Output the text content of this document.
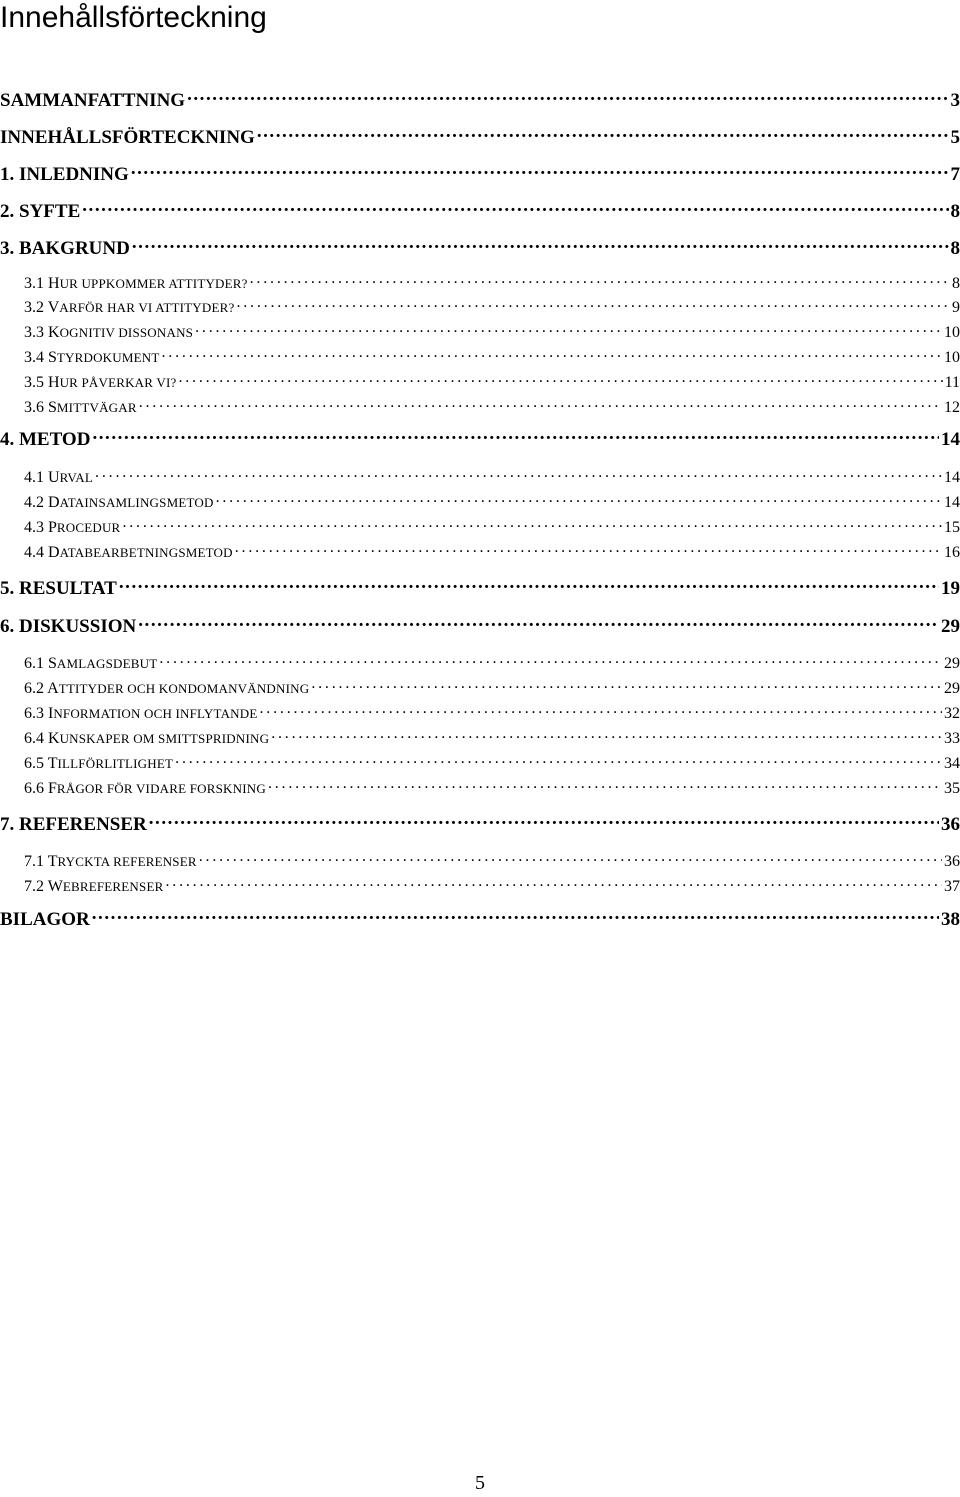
Innehållsförteckning
SAMMANFATTNING . . .	3
INNEHÅLLSFÖRTECKNING . . .	5
1. INLEDNING . . .	7
2. SYFTE . . .	8
3. BAKGRUND . . .	8
3.1 HUR UPPKOMMER ATTITYDER? . . .	8
3.2 VARFÖR HAR VI ATTITYDER? . . .	9
3.3 KOGNITIV DISSONANS . . .	10
3.4 STYRDOKUMENT . . .	10
3.5 HUR PÅVERKAR VI? . . .	11
3.6 SMITTVÄGAR . . .	12
4. METOD . . .	14
4.1 URVAL . . .	14
4.2 DATAINSAMLINGSMETOD . . .	14
4.3 PROCEDUR . . .	15
4.4 DATABEARBETNINGSMETOD . . .	16
5. RESULTAT . . .	19
6. DISKUSSION . . .	29
6.1 SAMLAGSDEBUT . . .	29
6.2 ATTITYDER OCH KONDOMANVÄNDNING . . .	29
6.3 INFORMATION OCH INFLYTANDE . . .	32
6.4 KUNSKAPER OM SMITTSPRIDNING . . .	33
6.5 TILLFÖRLITLIGHET . . .	34
6.6 FRÅGOR FÖR VIDARE FORSKNING . . .	35
7. REFERENSER . . .	36
7.1 TRYCKTA REFERENSER . . .	36
7.2 WEBREFERENSER . . .	37
BILAGOR . . .	38
5
